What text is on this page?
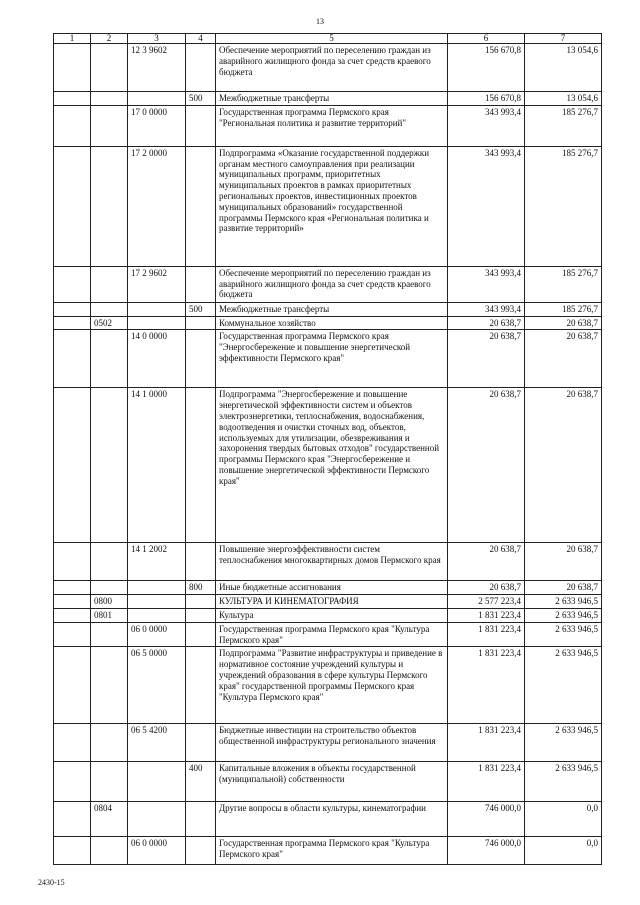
13
1	2	3	4	5	6	7
		12 3 9602		Обеспечение мероприятий по переселению граждан из аварийного жилищного фонда за счет средств краевого бюджета	156 670,8	13 054,6
			500	Межбюджетные трансферты	156 670,8	13 054,6
		17 0 0000		Государственная программа Пермского края "Региональная политика и развитие территорий"	343 993,4	185 276,7
		17 2 0000		Подпрограмма «Оказание государственной поддержки органам местного самоуправления при реализации муниципальных программ, приоритетных муниципальных проектов в рамках приоритетных региональных проектов, инвестиционных проектов муниципальных образований» государственной программы Пермского края «Региональная политика и развитие территорий»	343 993,4	185 276,7
		17 2 9602		Обеспечение мероприятий по переселению граждан из аварийного жилищного фонда за счет средств краевого бюджета	343 993,4	185 276,7
			500	Межбюджетные трансферты	343 993,4	185 276,7
	0502			Коммунальное хозяйство	20 638,7	20 638,7
		14 0 0000		Государственная программа Пермского края "Энергосбережение и повышение энергетической эффективности Пермского края"	20 638,7	20 638,7
		14 1 0000		Подпрограмма "Энергосбережение и повышение энергетической эффективности систем и объектов электроэнергетики, теплоснабжения, водоснабжения, водоотведения и очистки сточных вод, объектов, используемых для утилизации, обезвреживания и захоронения твердых бытовых отходов" государственной программы Пермского края "Энергосбережение и повышение энергетической эффективности Пермского края"	20 638,7	20 638,7
		14 1 2002		Повышение энергоэффективности систем теплоснабжения многоквартирных домов Пермского края	20 638,7	20 638,7
			800	Иные бюджетные ассигнования	20 638,7	20 638,7
	0800			КУЛЬТУРА И КИНЕМАТОГРАФИЯ	2 577 223,4	2 633 946,5
	0801			Культура	1 831 223,4	2 633 946,5
		06 0 0000		Государственная программа Пермского края "Культура Пермского края"	1 831 223,4	2 633 946,5
		06 5 0000		Подпрограмма "Развитие инфраструктуры и приведение в нормативное состояние учреждений культуры и учреждений образования в сфере культуры Пермского края" государственной программы Пермского края "Культура Пермского края"	1 831 223,4	2 633 946,5
		06 5 4200		Бюджетные инвестиции на строительство объектов общественной инфраструктуры регионального значения	1 831 223,4	2 633 946,5
			400	Капитальные вложения в объекты государственной (муниципальной) собственности	1 831 223,4	2 633 946,5
	0804			Другие вопросы в области культуры, кинематографии	746 000,0	0,0
		06 0 0000		Государственная программа Пермского края "Культура Пермского края"	746 000,0	0,0
2430-15
